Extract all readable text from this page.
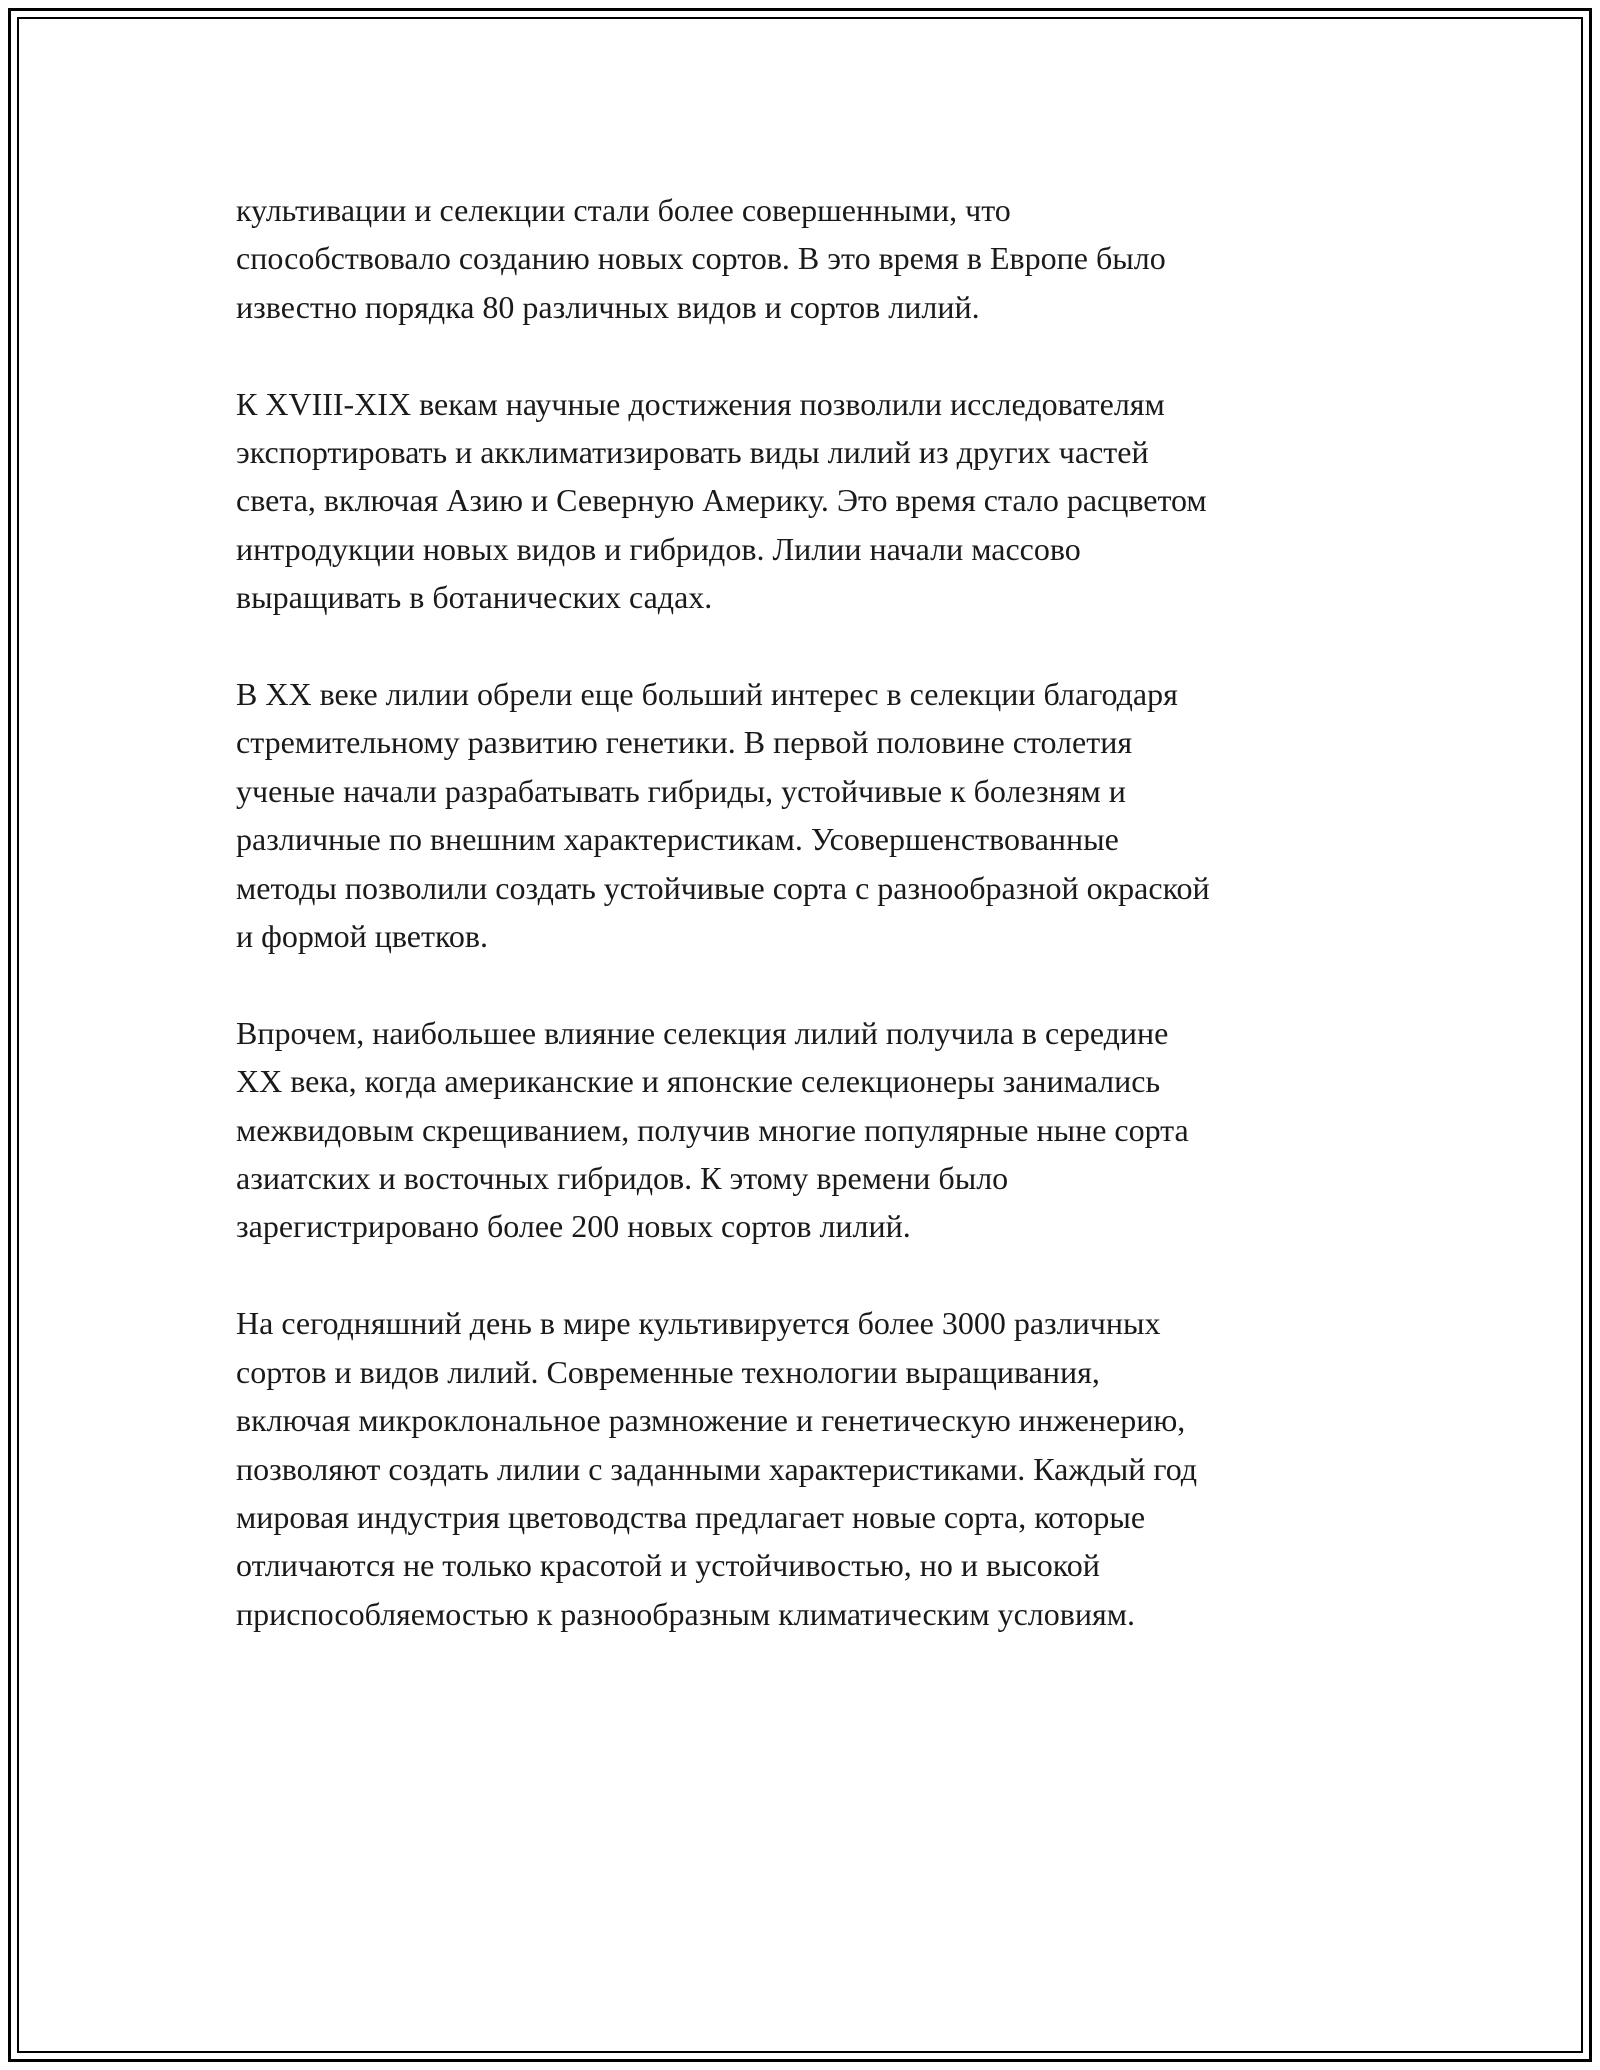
культивации и селекции стали более совершенными, что
способствовало созданию новых сортов. В это время в Европе было
известно порядка 80 различных видов и сортов лилий.

К XVIII-XIX векам научные достижения позволили исследователям
экспортировать и акклиматизировать виды лилий из других частей
света, включая Азию и Северную Америку. Это время стало расцветом
интродукции новых видов и гибридов. Лилии начали массово
выращивать в ботанических садах.

В XX веке лилии обрели еще больший интерес в селекции благодаря
стремительному развитию генетики. В первой половине столетия
ученые начали разрабатывать гибриды, устойчивые к болезням и
различные по внешним характеристикам. Усовершенствованные
методы позволили создать устойчивые сорта с разнообразной окраской
и формой цветков.

Впрочем, наибольшее влияние селекция лилий получила в середине
XX века, когда американские и японские селекционеры занимались
межвидовым скрещиванием, получив многие популярные ныне сорта
азиатских и восточных гибридов. К этому времени было
зарегистрировано более 200 новых сортов лилий.

На сегодняшний день в мире культивируется более 3000 различных
сортов и видов лилий. Современные технологии выращивания,
включая микроклональное размножение и генетическую инженерию,
позволяют создать лилии с заданными характеристиками. Каждый год
мировая индустрия цветоводства предлагает новые сорта, которые
отличаются не только красотой и устойчивостью, но и высокой
приспособляемостью к разнообразным климатическим условиям.
